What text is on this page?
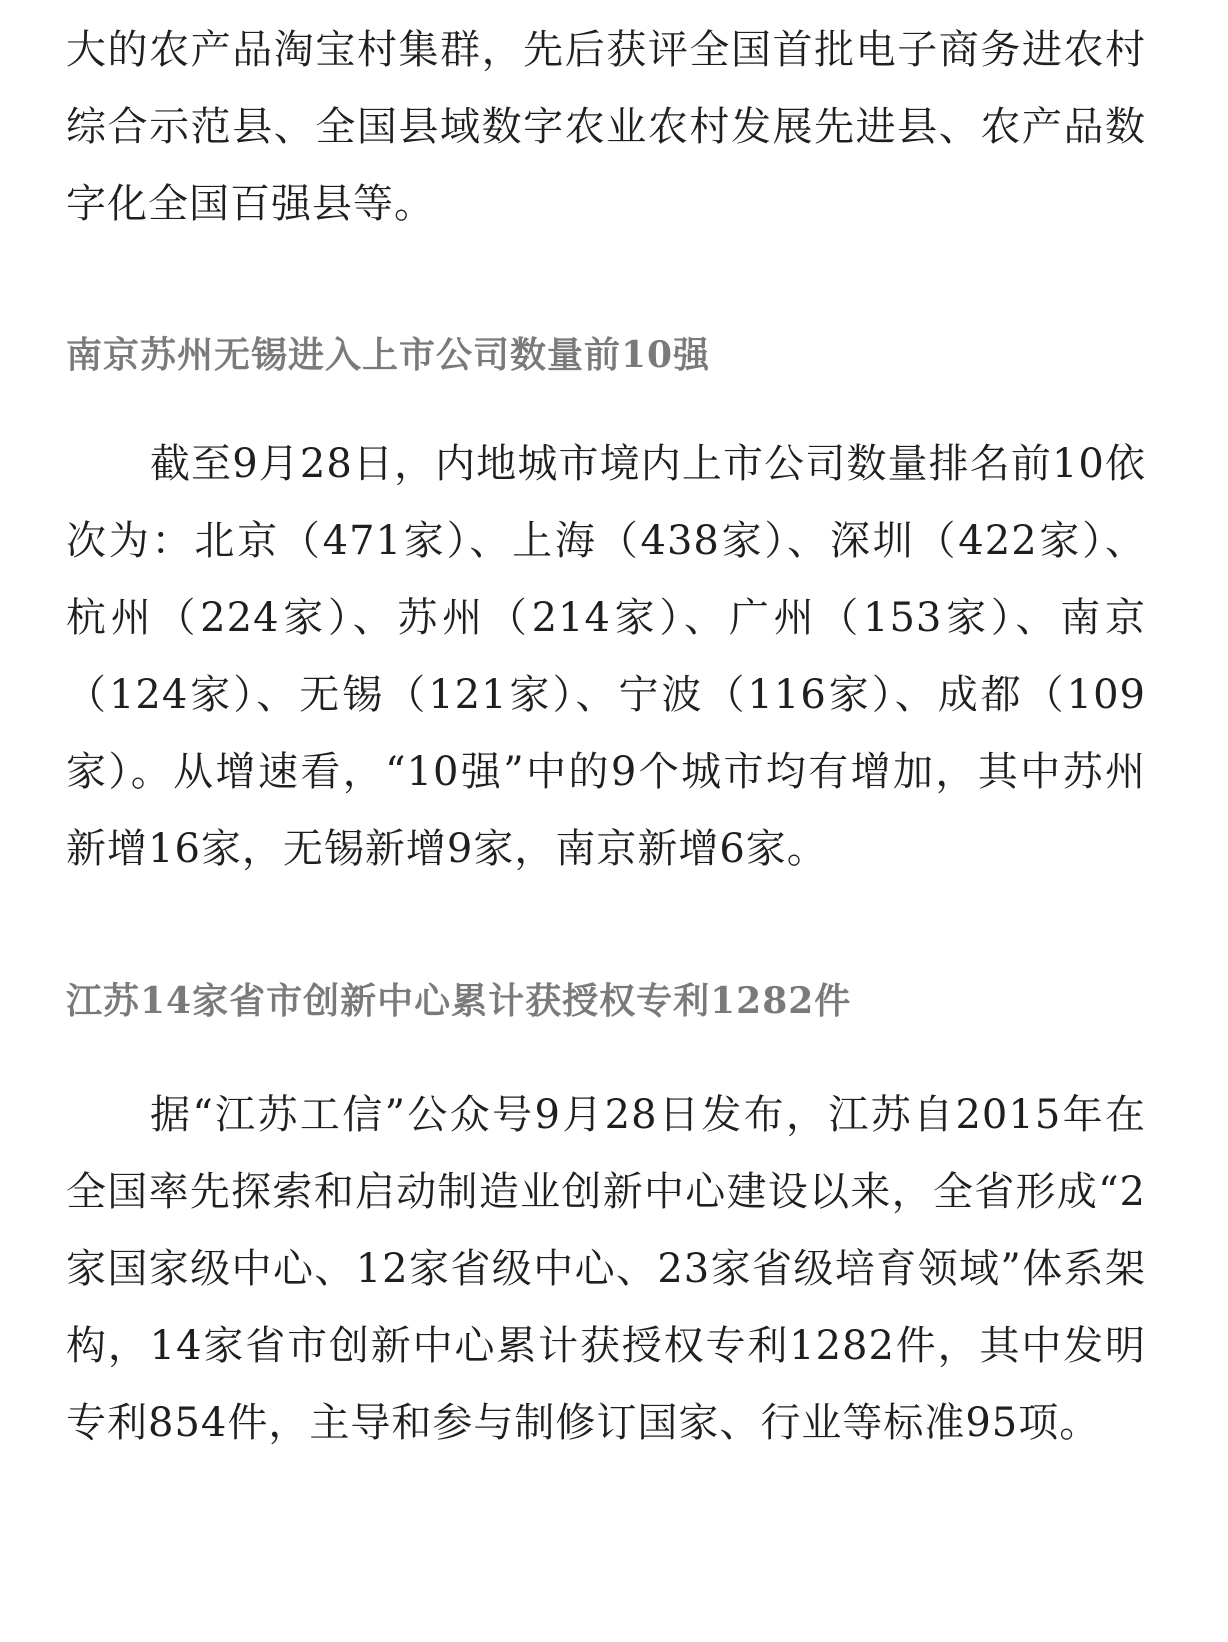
大的农产品淘宝村集群，先后获评全国首批电子商务进农村综合示范县、全国县域数字农业农村发展先进县、农产品数字化全国百强县等。

南京苏州无锡进入上市公司数量前10强

截至9月28日，内地城市境内上市公司数量排名前10依次为：北京（471家）、上海（438家）、深圳（422家）、杭州（224家）、苏州（214家）、广州（153家）、南京（124家）、无锡（121家）、宁波（116家）、成都（109家）。从增速看，“10强”中的9个城市均有增加，其中苏州新增16家，无锡新增9家，南京新增6家。

江苏14家省市创新中心累计获授权专利1282件

据“江苏工信”公众号9月28日发布，江苏自2015年在全国率先探索和启动制造业创新中心建设以来，全省形成“2家国家级中心、12家省级中心、23家省级培育领域”体系架构，14家省市创新中心累计获授权专利1282件，其中发明专利854件，主导和参与制修订国家、行业等标准95项。
